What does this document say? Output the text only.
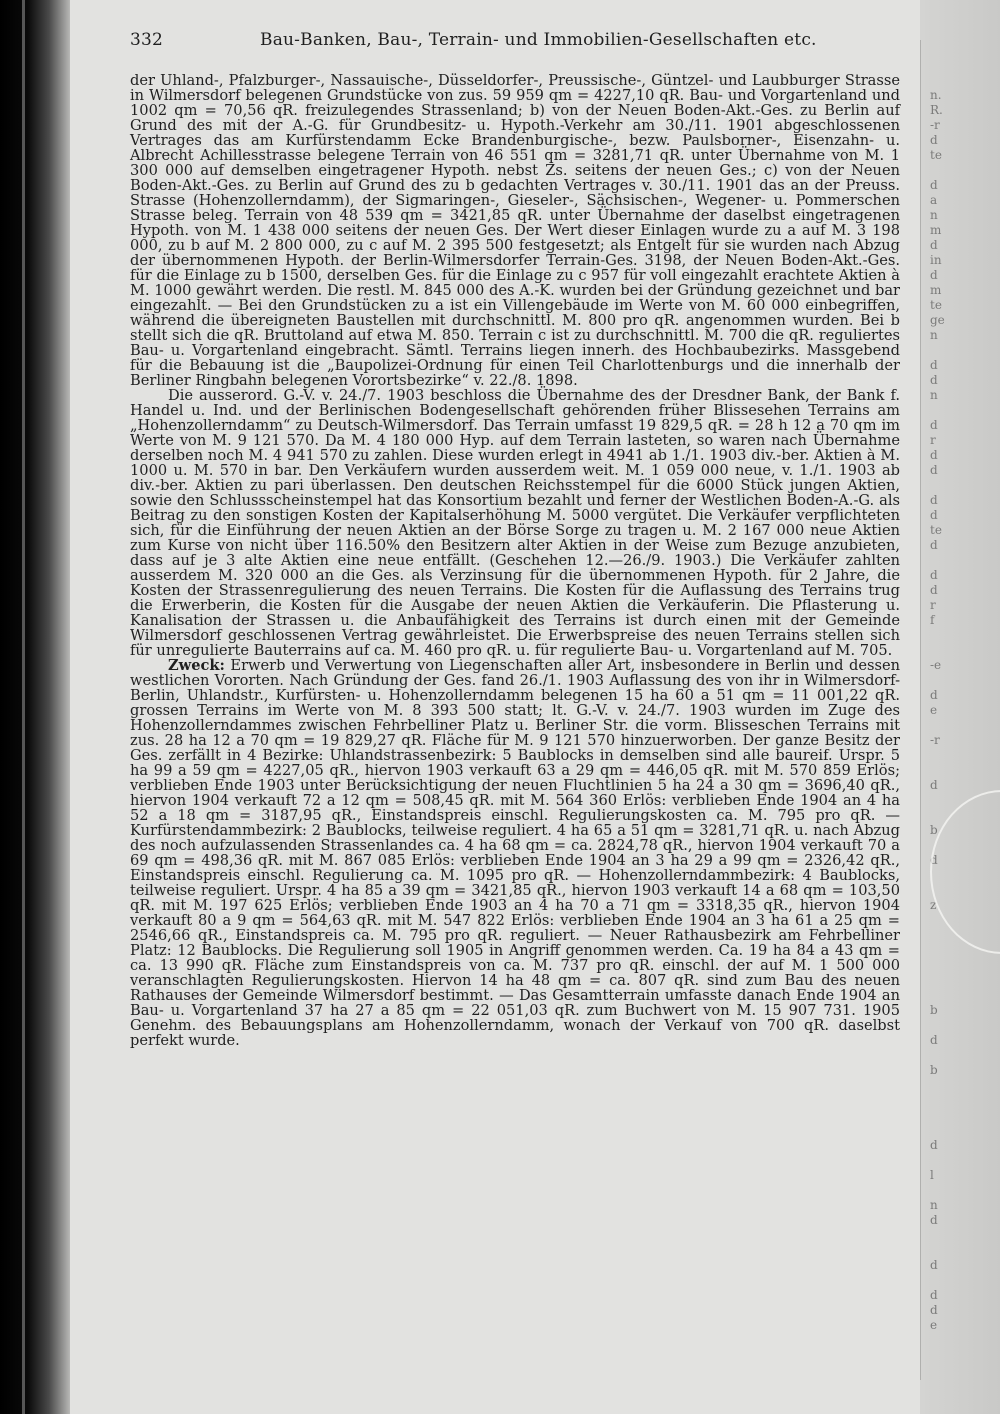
332	Bau-Banken, Bau-, Terrain- und Immobilien-Gesellschaften etc.

der Uhland-, Pfalzburger-, Nassauische-, Düsseldorfer-, Preussische-, Güntzel- und Laubburger Strasse in Wilmersdorf belegenen Grundstücke von zus. 59 959 qm = 4227,10 qR. Bau- und Vorgartenland und 1002 qm = 70,56 qR. freizulegendes Strassenland; b) von der Neuen Boden-Akt.-Ges. zu Berlin auf Grund des mit der A.-G. für Grundbesitz- u. Hypoth.-Verkehr am 30./11. 1901 abgeschlossenen Vertrages das am Kurfürstendamm Ecke Brandenburgische-, bezw. Paulsborner-, Eisenzahn- u. Albrecht Achillesstrasse belegene Terrain von 46 551 qm = 3281,71 qR. unter Übernahme von M. 1 300 000 auf demselben eingetragener Hypoth. nebst Zs. seitens der neuen Ges.; c) von der Neuen Boden-Akt.-Ges. zu Berlin auf Grund des zu b gedachten Vertrages v. 30./11. 1901 das an der Preuss. Strasse (Hohenzollerndamm), der Sigmaringen-, Gieseler-, Sächsischen-, Wegener- u. Pommerschen Strasse beleg. Terrain von 48 539 qm = 3421,85 qR. unter Übernahme der daselbst eingetragenen Hypoth. von M. 1 438 000 seitens der neuen Ges. Der Wert dieser Einlagen wurde zu a auf M. 3 198 000, zu b auf M. 2 800 000, zu c auf M. 2 395 500 festgesetzt; als Entgelt für sie wurden nach Abzug der übernommenen Hypoth. der Berlin-Wilmersdorfer Terrain-Ges. 3198, der Neuen Boden-Akt.-Ges. für die Einlage zu b 1500, derselben Ges. für die Einlage zu c 957 für voll eingezahlt erachtete Aktien à M. 1000 gewährt werden. Die restl. M. 845 000 des A.-K. wurden bei der Gründung gezeichnet und bar eingezahlt. — Bei den Grundstücken zu a ist ein Villengebäude im Werte von M. 60 000 einbegriffen, während die übereigneten Baustellen mit durchschnittl. M. 800 pro qR. angenommen wurden. Bei b stellt sich die qR. Bruttoland auf etwa M. 850. Terrain c ist zu durchschnittl. M. 700 die qR. reguliertes Bau- u. Vorgartenland eingebracht. Sämtl. Terrains liegen innerh. des Hochbaubezirks. Massgebend für die Bebauung ist die „Baupolizei-Ordnung für einen Teil Charlottenburgs und die innerhalb der Berliner Ringbahn belegenen Vorortsbezirke“ v. 22./8. 1898.

Die ausserord. G.-V. v. 24./7. 1903 beschloss die Übernahme des der Dresdner Bank, der Bank f. Handel u. Ind. und der Berlinischen Bodengesellschaft gehörenden früher Blissesehen Terrains am „Hohenzollerndamm“ zu Deutsch-Wilmersdorf. Das Terrain umfasst 19 829,5 qR. = 28 h 12 a 70 qm im Werte von M. 9 121 570. Da M. 4 180 000 Hyp. auf dem Terrain lasteten, so waren nach Übernahme derselben noch M. 4 941 570 zu zahlen. Diese wurden erlegt in 4941 ab 1./1. 1903 div.-ber. Aktien à M. 1000 u. M. 570 in bar. Den Verkäufern wurden ausserdem weit. M. 1 059 000 neue, v. 1./1. 1903 ab div.-ber. Aktien zu pari überlassen. Den deutschen Reichsstempel für die 6000 Stück jungen Aktien, sowie den Schlussscheinstempel hat das Konsortium bezahlt und ferner der Westlichen Boden-A.-G. als Beitrag zu den sonstigen Kosten der Kapitalserhöhung M. 5000 vergütet. Die Verkäufer verpflichteten sich, für die Einführung der neuen Aktien an der Börse Sorge zu tragen u. M. 2 167 000 neue Aktien zum Kurse von nicht über 116.50% den Besitzern alter Aktien in der Weise zum Bezuge anzubieten, dass auf je 3 alte Aktien eine neue entfällt. (Geschehen 12.—26./9. 1903.) Die Verkäufer zahlten ausserdem M. 320 000 an die Ges. als Verzinsung für die übernommenen Hypoth. für 2 Jahre, die Kosten der Strassenregulierung des neuen Terrains. Die Kosten für die Auflassung des Terrains trug die Erwerberin, die Kosten für die Ausgabe der neuen Aktien die Verkäuferin. Die Pflasterung u. Kanalisation der Strassen u. die Anbaufähigkeit des Terrains ist durch einen mit der Gemeinde Wilmersdorf geschlossenen Vertrag gewährleistet. Die Erwerbspreise des neuen Terrains stellen sich für unregulierte Bauterrains auf ca. M. 460 pro qR. u. für regulierte Bau- u. Vorgartenland auf M. 705.

Zweck: Erwerb und Verwertung von Liegenschaften aller Art, insbesondere in Berlin und dessen westlichen Vororten. Nach Gründung der Ges. fand 26./1. 1903 Auflassung des von ihr in Wilmersdorf-Berlin, Uhlandstr., Kurfürsten- u. Hohenzollerndamm belegenen 15 ha 60 a 51 qm = 11 001,22 qR. grossen Terrains im Werte von M. 8 393 500 statt; lt. G.-V. v. 24./7. 1903 wurden im Zuge des Hohenzollerndammes zwischen Fehrbelliner Platz u. Berliner Str. die vorm. Blisseschen Terrains mit zus. 28 ha 12 a 70 qm = 19 829,27 qR. Fläche für M. 9 121 570 hinzuerworben. Der ganze Besitz der Ges. zerfällt in 4 Bezirke: Uhlandstrassenbezirk: 5 Baublocks in demselben sind alle baureif. Urspr. 5 ha 99 a 59 qm = 4227,05 qR., hiervon 1903 verkauft 63 a 29 qm = 446,05 qR. mit M. 570 859 Erlös; verblieben Ende 1903 unter Berücksichtigung der neuen Fluchtlinien 5 ha 24 a 30 qm = 3696,40 qR., hiervon 1904 verkauft 72 a 12 qm = 508,45 qR. mit M. 564 360 Erlös: verblieben Ende 1904 an 4 ha 52 a 18 qm = 3187,95 qR., Einstandspreis einschl. Regulierungskosten ca. M. 795 pro qR. — Kurfürstendammbezirk: 2 Baublocks, teilweise reguliert. 4 ha 65 a 51 qm = 3281,71 qR. u. nach Abzug des noch aufzulassenden Strassenlandes ca. 4 ha 68 qm = ca. 2824,78 qR., hiervon 1904 verkauft 70 a 69 qm = 498,36 qR. mit M. 867 085 Erlös: verblieben Ende 1904 an 3 ha 29 a 99 qm = 2326,42 qR., Einstandspreis einschl. Regulierung ca. M. 1095 pro qR. — Hohenzollerndammbezirk: 4 Baublocks, teilweise reguliert. Urspr. 4 ha 85 a 39 qm = 3421,85 qR., hiervon 1903 verkauft 14 a 68 qm = 103,50 qR. mit M. 197 625 Erlös; verblieben Ende 1903 an 4 ha 70 a 71 qm = 3318,35 qR., hiervon 1904 verkauft 80 a 9 qm = 564,63 qR. mit M. 547 822 Erlös: verblieben Ende 1904 an 3 ha 61 a 25 qm = 2546,66 qR., Einstandspreis ca. M. 795 pro qR. reguliert. — Neuer Rathausbezirk am Fehrbelliner Platz: 12 Baublocks. Die Regulierung soll 1905 in Angriff genommen werden. Ca. 19 ha 84 a 43 qm = ca. 13 990 qR. Fläche zum Einstandspreis von ca. M. 737 pro qR. einschl. der auf M. 1 500 000 veranschlagten Regulierungskosten. Hiervon 14 ha 48 qm = ca. 807 qR. sind zum Bau des neuen Rathauses der Gemeinde Wilmersdorf bestimmt. — Das Gesamtterrain umfasste danach Ende 1904 an Bau- u. Vorgartenland 37 ha 27 a 85 qm = 22 051,03 qR. zum Buchwert von M. 15 907 731. 1905 Genehm. des Bebauungsplans am Hohenzollerndamm, wonach der Verkauf von 700 qR. daselbst perfekt wurde.

n.
R.
-r
d
te

d
a
n
m
d
in
d
m
te
ge
n

d
d
n

d
r
d
d

d
d
te
d

d
d
r
f

-e

d
e

-r

d

b

d

z

b

d

b

d

l

n
d

d

d
d
e
